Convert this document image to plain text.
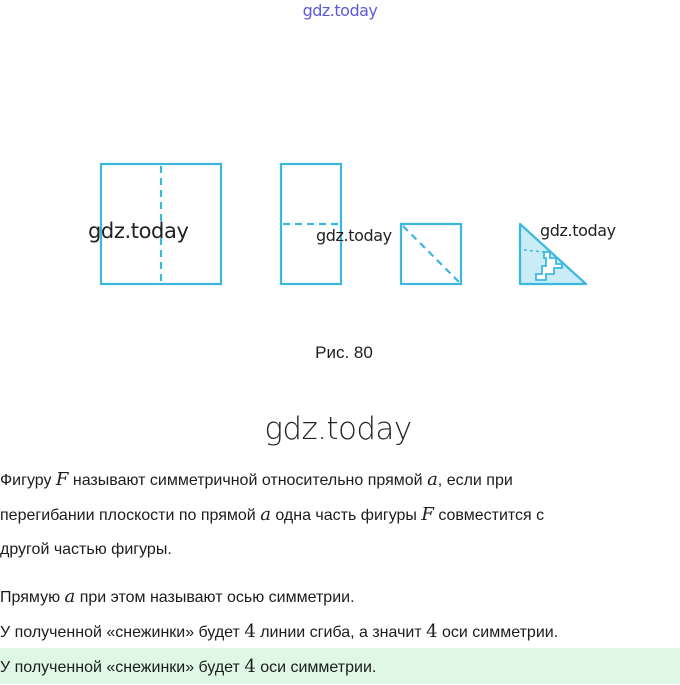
gdz.today
gdz.today	gdz.today	gdz.today
Рис. 80
gdz.today

Фигуру F называют симметричной относительно прямой a, если при

перегибании плоскости по прямой a одна часть фигуры F совместится с

другой частью фигуры.

Прямую a при этом называют осью симметрии.

У полученной «снежинки» будет 4 линии сгиба, а значит 4 оси симметрии.

У полученной «снежинки» будет 4 оси симметрии.
